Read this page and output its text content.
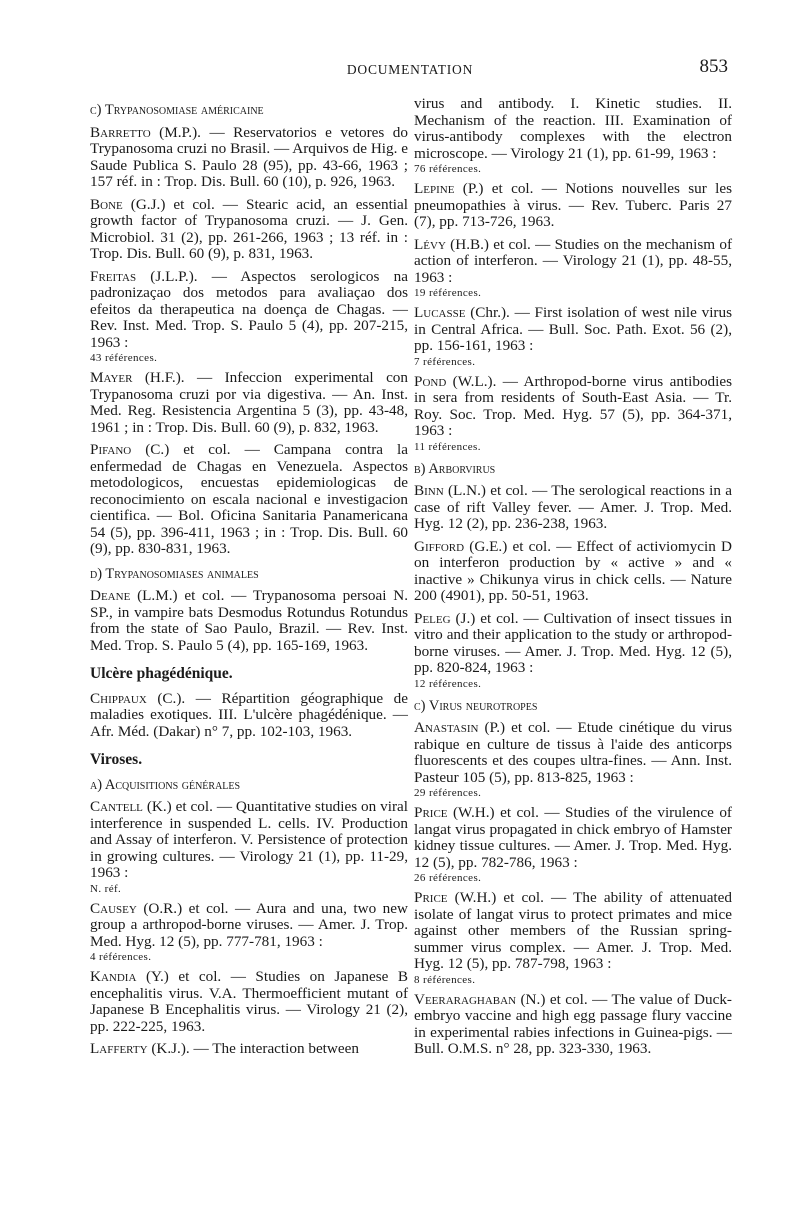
DOCUMENTATION	853
c) Trypanosomiase américaine
Barretto (M.P.). — Reservatorios e vetores do Trypanosoma cruzi no Brasil. — Arquivos de Hig. e Saude Publica S. Paulo 28 (95), pp. 43-66, 1963 ; 157 réf. in : Trop. Dis. Bull. 60 (10), p. 926, 1963.
Bone (G.J.) et col. — Stearic acid, an essential growth factor of Trypanosoma cruzi. — J. Gen. Microbiol. 31 (2), pp. 261-266, 1963 ; 13 réf. in : Trop. Dis. Bull. 60 (9), p. 831, 1963.
Freitas (J.L.P.). — Aspectos serologicos na padronizaçao dos metodos para avaliaçao dos efeitos da therapeutica na doença de Chagas. — Rev. Inst. Med. Trop. S. Paulo 5 (4), pp. 207-215, 1963 :
43 références.
Mayer (H.F.). — Infeccion experimental con Trypanosoma cruzi por via digestiva. — An. Inst. Med. Reg. Resistencia Argentina 5 (3), pp. 43-48, 1961 ; in : Trop. Dis. Bull. 60 (9), p. 832, 1963.
Pifano (C.) et col. — Campana contra la enfermedad de Chagas en Venezuela. Aspectos metodologicos, encuestas epidemiologicas de reconocimiento on escala nacional e investigacion cientifica. — Bol. Oficina Sanitaria Panamericana 54 (5), pp. 396-411, 1963 ; in : Trop. Dis. Bull. 60 (9), pp. 830-831, 1963.
d) Trypanosomiases animales
Deane (L.M.) et col. — Trypanosoma persoai N. SP., in vampire bats Desmodus Rotundus Rotundus from the state of Sao Paulo, Brazil. — Rev. Inst. Med. Trop. S. Paulo 5 (4), pp. 165-169, 1963.
Ulcère phagédénique.
Chippaux (C.). — Répartition géographique de maladies exotiques. III. L'ulcère phagédénique. — Afr. Méd. (Dakar) n° 7, pp. 102-103, 1963.
Viroses.
a) Acquisitions générales
Cantell (K.) et col. — Quantitative studies on viral interference in suspended L. cells. IV. Production and Assay of interferon. V. Persistence of protection in growing cultures. — Virology 21 (1), pp. 11-29, 1963 :
N. réf.
Causey (O.R.) et col. — Aura and una, two new group a arthropod-borne viruses. — Amer. J. Trop. Med. Hyg. 12 (5), pp. 777-781, 1963 :
4 références.
Kandia (Y.) et col. — Studies on Japanese B encephalitis virus. V.A. Thermoefficient mutant of Japanese B Encephalitis virus. — Virology 21 (2), pp. 222-225, 1963.
Lafferty (K.J.). — The interaction between
virus and antibody. I. Kinetic studies. II. Mechanism of the reaction. III. Examination of virus-antibody complexes with the electron microscope. — Virology 21 (1), pp. 61-99, 1963 :
76 références.
Lepine (P.) et col. — Notions nouvelles sur les pneumopathies à virus. — Rev. Tuberc. Paris 27 (7), pp. 713-726, 1963.
Lévy (H.B.) et col. — Studies on the mechanism of action of interferon. — Virology 21 (1), pp. 48-55, 1963 :
19 références.
Lucasse (Chr.). — First isolation of west nile virus in Central Africa. — Bull. Soc. Path. Exot. 56 (2), pp. 156-161, 1963 :
7 références.
Pond (W.L.). — Arthropod-borne virus antibodies in sera from residents of South-East Asia. — Tr. Roy. Soc. Trop. Med. Hyg. 57 (5), pp. 364-371, 1963 :
11 références.
b) Arborvirus
Binn (L.N.) et col. — The serological reactions in a case of rift Valley fever. — Amer. J. Trop. Med. Hyg. 12 (2), pp. 236-238, 1963.
Gifford (G.E.) et col. — Effect of activiomycin D on interferon production by « active » and « inactive » Chikunya virus in chick cells. — Nature 200 (4901), pp. 50-51, 1963.
Peleg (J.) et col. — Cultivation of insect tissues in vitro and their application to the study or arthropod-borne viruses. — Amer. J. Trop. Med. Hyg. 12 (5), pp. 820-824, 1963 :
12 références.
c) Virus neurotropes
Anastasin (P.) et col. — Etude cinétique du virus rabique en culture de tissus à l'aide des anticorps fluorescents et des coupes ultra-fines. — Ann. Inst. Pasteur 105 (5), pp. 813-825, 1963 :
29 références.
Price (W.H.) et col. — Studies of the virulence of langat virus propagated in chick embryo of Hamster kidney tissue cultures. — Amer. J. Trop. Med. Hyg. 12 (5), pp. 782-786, 1963 :
26 références.
Price (W.H.) et col. — The ability of attenuated isolate of langat virus to protect primates and mice against other members of the Russian spring-summer virus complex. — Amer. J. Trop. Med. Hyg. 12 (5), pp. 787-798, 1963 :
8 références.
Veeraraghaban (N.) et col. — The value of Duck-embryo vaccine and high egg passage flury vaccine in experimental rabies infections in Guinea-pigs. — Bull. O.M.S. n° 28, pp. 323-330, 1963.
